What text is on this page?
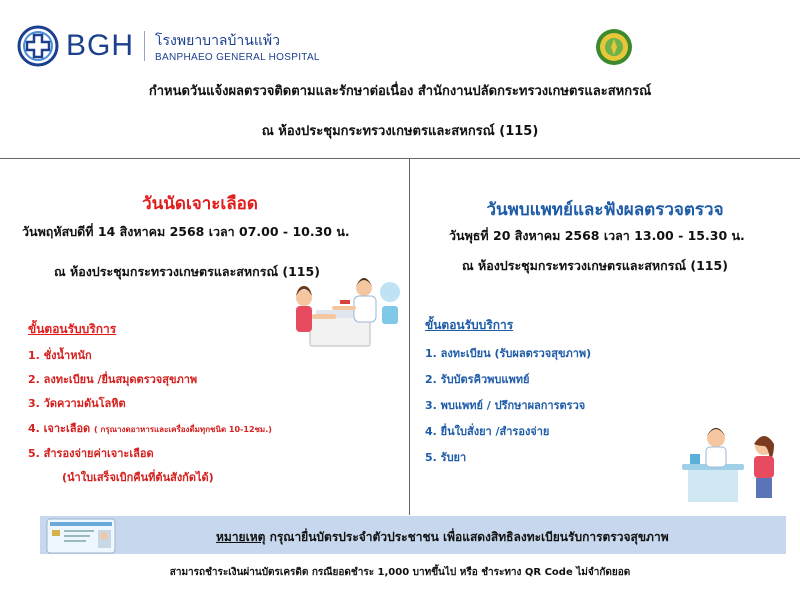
BGH โรงพยาบาลบ้านแพ้ว
BANPHAEO GENERAL HOSPITAL
กำหนดวันแจ้งผลตรวจติดตามและรักษาต่อเนื่อง สำนักงานปลัดกระทรวงเกษตรและสหกรณ์
ณ ห้องประชุมกระทรวงเกษตรและสหกรณ์ (115)
วันนัดเจาะเลือด
วันพฤหัสบดีที่ 14 สิงหาคม 2568 เวลา 07.00 - 10.30 น.
ณ ห้องประชุมกระทรวงเกษตรและสหกรณ์ (115)
ขั้นตอนรับบริการ
1. ชั่งน้ำหนัก
2. ลงทะเบียน /ยื่นสมุดตรวจสุขภาพ
3. วัดความดันโลหิต
4. เจาะเลือด ( กรุณางดอาหารและเครื่องดื่มทุกชนิด 10-12ชม.)
5. สำรองจ่ายค่าเจาะเลือด
(นำใบเสร็จเบิกคืนที่ต้นสังกัดได้)
วันพบแพทย์และฟังผลตรวจตรวจ
วันพุธที่ 20 สิงหาคม 2568 เวลา 13.00 - 15.30 น.
ณ ห้องประชุมกระทรวงเกษตรและสหกรณ์ (115)
ขั้นตอนรับบริการ
1. ลงทะเบียน (รับผลตรวจสุขภาพ)
2. รับบัตรคิวพบแพทย์
3. พบแพทย์ / ปรึกษาผลการตรวจ
4. ยื่นใบสั่งยา /สำรองจ่าย
5. รับยา
หมายเหตุ กรุณายื่นบัตรประจำตัวประชาชน เพื่อแสดงสิทธิลงทะเบียนรับการตรวจสุขภาพ
สามารถชำระเงินผ่านบัตรเครดิต กรณียอดชำระ 1,000 บาทขึ้นไป หรือ ชำระทาง QR Code ไม่จำกัดยอด
